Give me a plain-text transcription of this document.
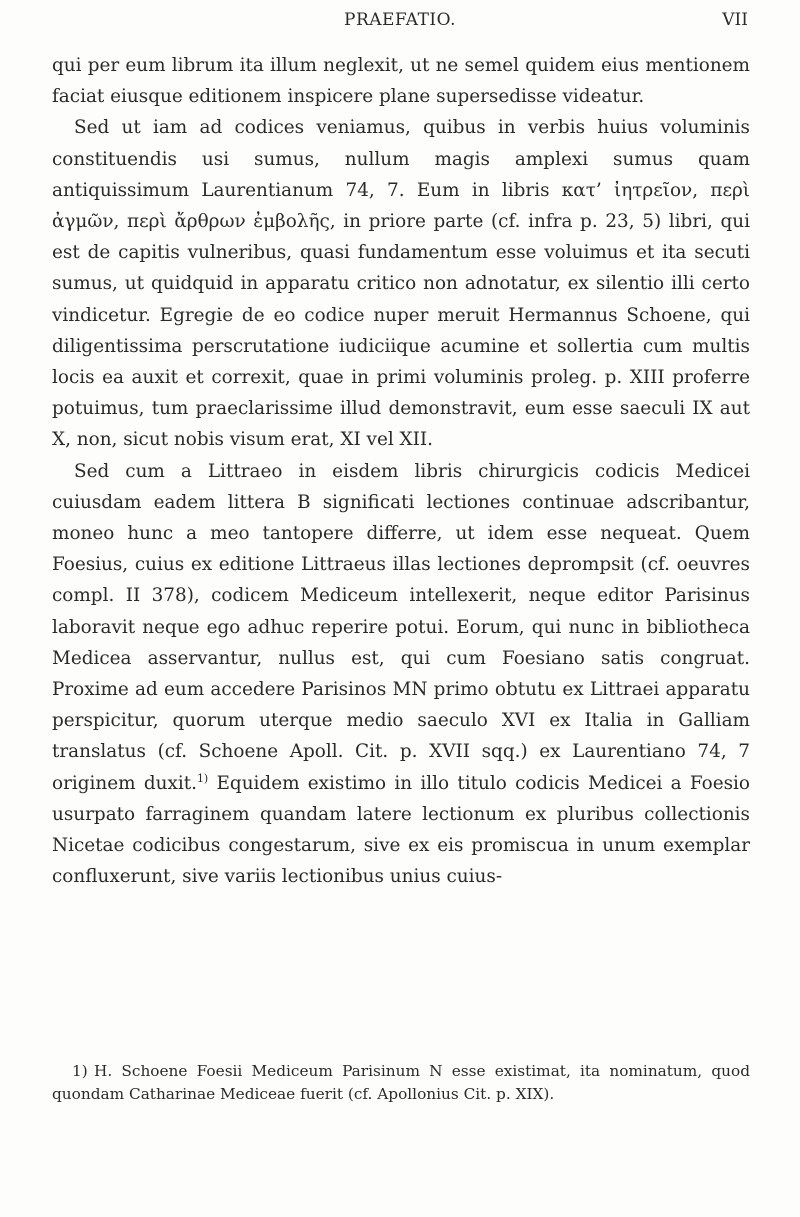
PRAEFATIO.	VII

qui per eum librum ita illum neglexit, ut ne semel quidem eius mentionem faciat eiusque editionem inspicere plane supersedisse videatur.

Sed ut iam ad codices veniamus, quibus in verbis huius voluminis constituendis usi sumus, nullum magis amplexi sumus quam antiquissimum Laurentianum 74, 7. Eum in libris κατ’ ἰητρεῖον, περὶ ἀγμῶν, περὶ ἄρθρων ἐμβολῆς, in priore parte (cf. infra p. 23, 5) libri, qui est de capitis vulneribus, quasi fundamentum esse voluimus et ita secuti sumus, ut quidquid in apparatu critico non adnotatur, ex silentio illi certo vindicetur. Egregie de eo codice nuper meruit Hermannus Schoene, qui diligentissima perscrutatione iudiciique acumine et sollertia cum multis locis ea auxit et correxit, quae in primi voluminis proleg. p. XIII proferre potuimus, tum praeclarissime illud demonstravit, eum esse saeculi IX aut X, non, sicut nobis visum erat, XI vel XII.

Sed cum a Littraeo in eisdem libris chirurgicis codicis Medicei cuiusdam eadem littera B significati lectiones continuae adscribantur, moneo hunc a meo tantopere differre, ut idem esse nequeat. Quem Foesius, cuius ex editione Littraeus illas lectiones deprompsit (cf. oeuvres compl. II 378), codicem Mediceum intellexerit, neque editor Parisinus laboravit neque ego adhuc reperire potui. Eorum, qui nunc in bibliotheca Medicea asservantur, nullus est, qui cum Foesiano satis congruat. Proxime ad eum accedere Parisinos MN primo obtutu ex Littraei apparatu perspicitur, quorum uterque medio saeculo XVI ex Italia in Galliam translatus (cf. Schoene Apoll. Cit. p. XVII sqq.) ex Laurentiano 74, 7 originem duxit.$^{1)}$ Equidem existimo in illo titulo codicis Medicei a Foesio usurpato farraginem quandam latere lectionum ex pluribus collectionis Nicetae codicibus congestarum, sive ex eis promiscua in unum exemplar confluxerunt, sive variis lectionibus unius cuius-

1) H. Schoene Foesii Mediceum Parisinum N esse existimat, ita nominatum, quod quondam Catharinae Mediceae fuerit (cf. Apollonius Cit. p. XIX).
